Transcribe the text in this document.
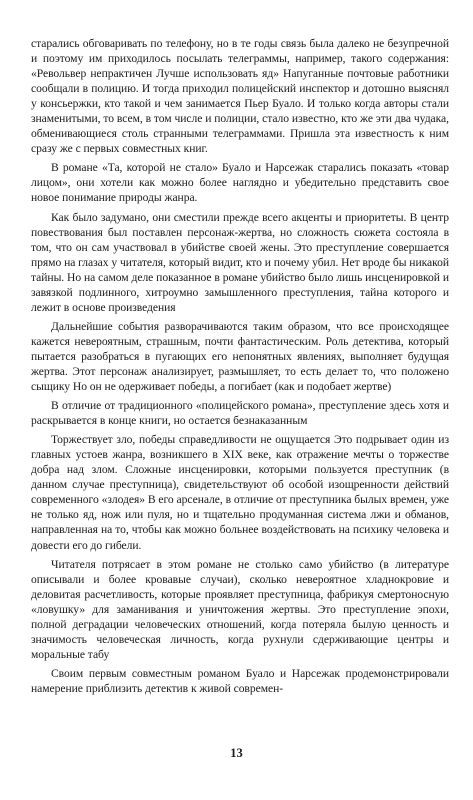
старались обговаривать по телефону, но в те годы связь была далеко не безупречной и поэтому им приходилось посылать телеграммы, например, такого содержания: «Револьвер непрактичен Лучше использовать яд» Напуганные почтовые работники сообщали в полицию. И тогда приходил полицейский инспектор и дотошно выяснял у консьержки, кто такой и чем занимается Пьер Буало. И только когда авторы стали знаменитыми, то всем, в том числе и полиции, стало известно, кто же эти два чудака, обменивающиеся столь странными телеграммами. Пришла эта известность к ним сразу же с первых совместных книг.

В романе «Та, которой не стало» Буало и Нарсежак старались показать «товар лицом», они хотели как можно более наглядно и убедительно представить свое новое понимание природы жанра.

Как было задумано, они сместили прежде всего акценты и приоритеты. В центр повествования был поставлен персонаж-жертва, но сложность сюжета состояла в том, что он сам участвовал в убийстве своей жены. Это преступление совершается прямо на глазах у читателя, который видит, кто и почему убил. Нет вроде бы никакой тайны. Но на самом деле показанное в романе убийство было лишь инсценировкой и завязкой подлинного, хитроумно замышленного преступления, тайна которого и лежит в основе произведения

Дальнейшие события разворачиваются таким образом, что все происходящее кажется невероятным, страшным, почти фантастическим. Роль детектива, который пытается разобраться в пугающих его непонятных явлениях, выполняет будущая жертва. Этот персонаж анализирует, размышляет, то есть делает то, что положено сыщику Но он не одерживает победы, а погибает (как и подобает жертве)

В отличие от традиционного «полицейского романа», преступление здесь хотя и раскрывается в конце книги, но остается безнаказанным

Торжествует зло, победы справедливости не ощущается Это подрывает один из главных устоев жанра, возникшего в XIX веке, как отражение мечты о торжестве добра над злом. Сложные инсценировки, которыми пользуется преступник (в данном случае преступница), свидетельствуют об особой изощренности действий современного «злодея» В его арсенале, в отличие от преступника былых времен, уже не только яд, нож или пуля, но и тщательно продуманная система лжи и обманов, направленная на то, чтобы как можно больнее воздействовать на психику человека и довести его до гибели.

Читателя потрясает в этом романе не столько само убийство (в литературе описывали и более кровавые случаи), сколько невероятное хладнокровие и деловитая расчетливость, которые проявляет преступница, фабрикуя смертоносную «ловушку» для заманивания и уничтожения жертвы. Это преступление эпохи, полной деградации человеческих отношений, когда потеряла былую ценность и значимость человеческая личность, когда рухнули сдерживающие центры и моральные табу

Своим первым совместным романом Буало и Нарсежак продемонстрировали намерение приблизить детектив к живой современ-

13
